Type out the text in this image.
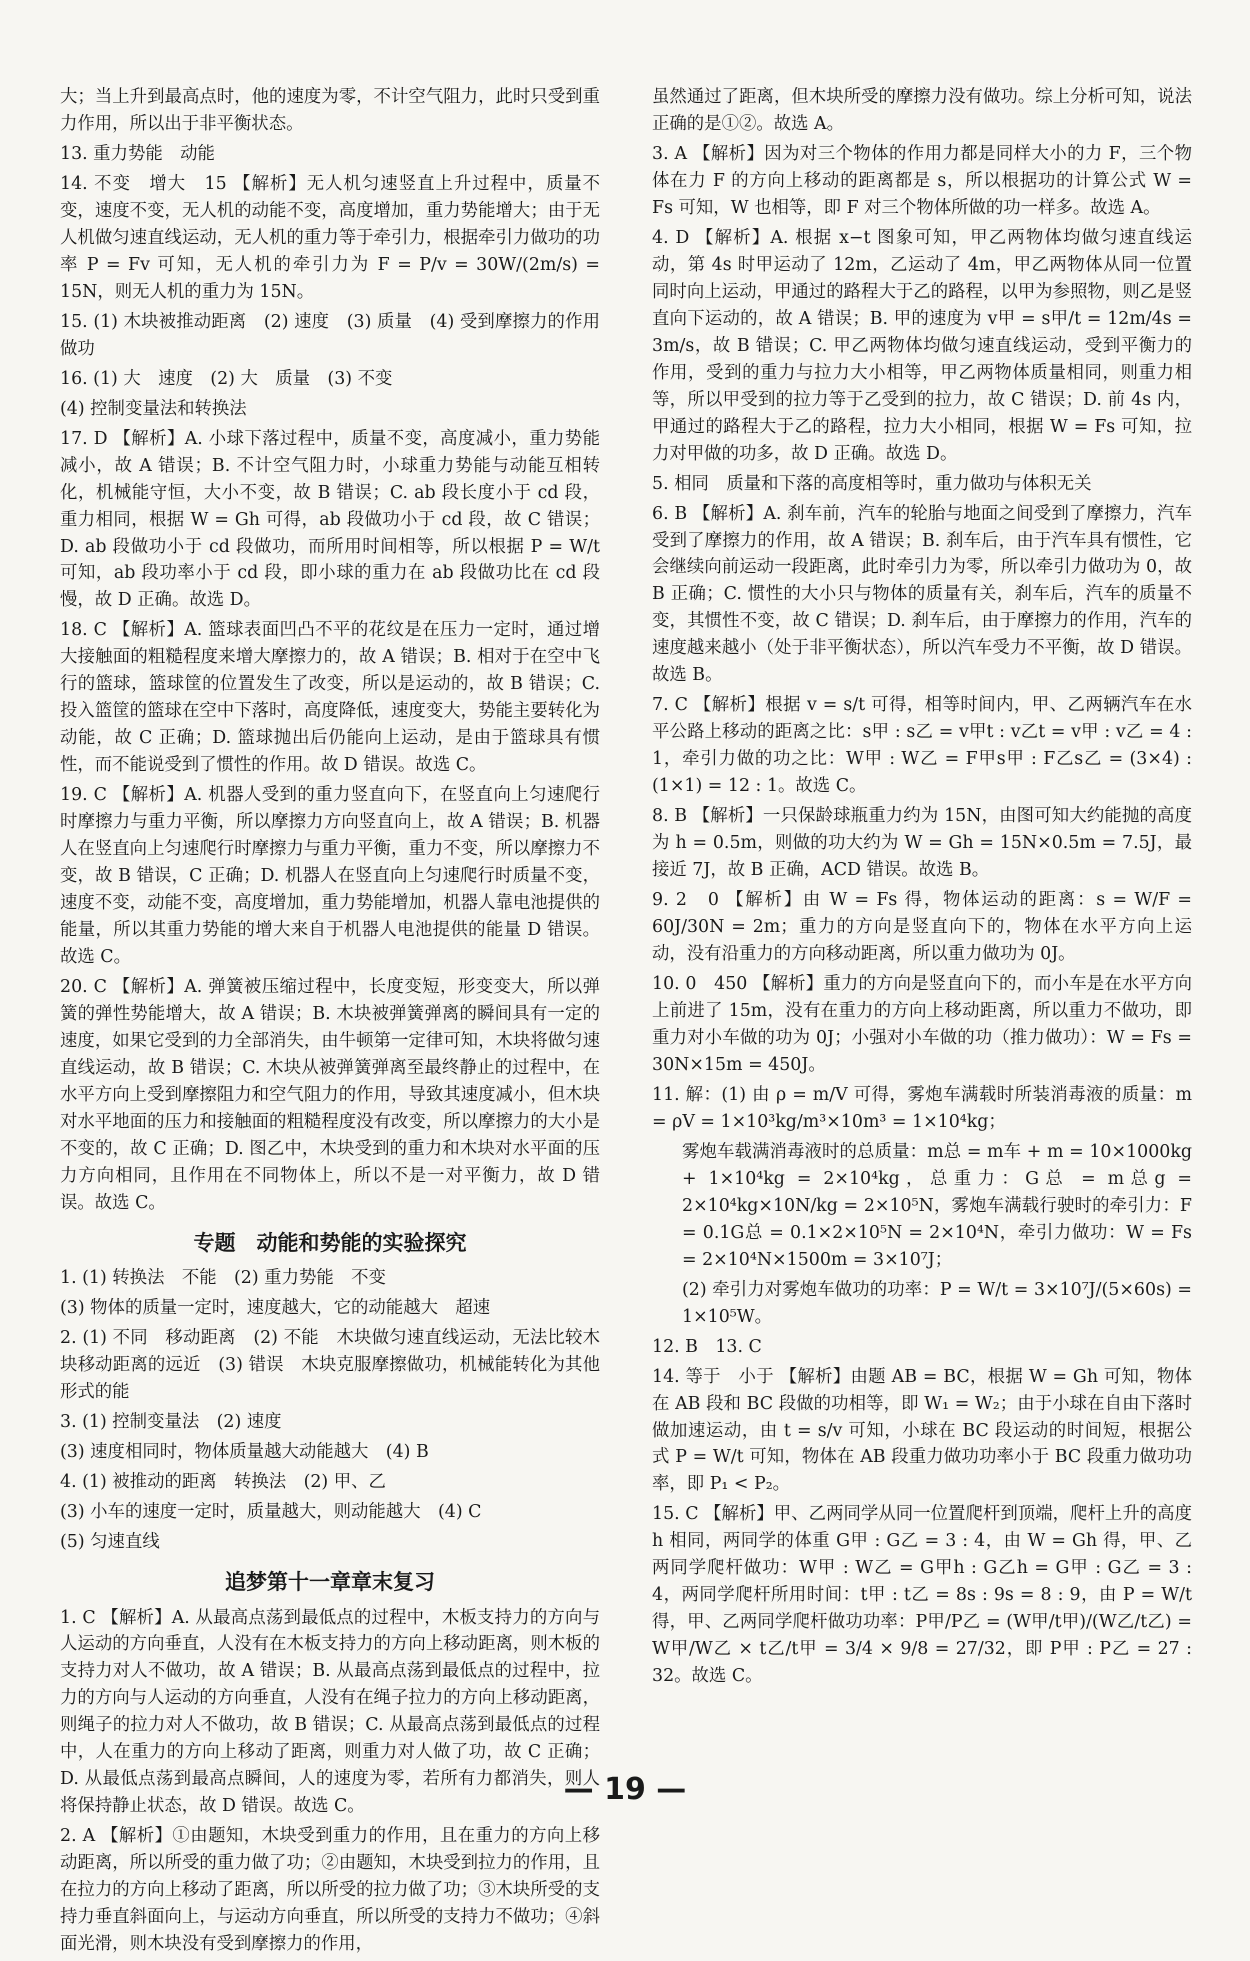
大；当上升到最高点时，他的速度为零，不计空气阻力，此时只受到重力作用，所以出于非平衡状态。

13. 重力势能　动能

14. 不变　增大　15 【解析】无人机匀速竖直上升过程中，质量不变，速度不变，无人机的动能不变，高度增加，重力势能增大；由于无人机做匀速直线运动，无人机的重力等于牵引力，根据牵引力做功的功率 P = Fv 可知，无人机的牵引力为 F = P/v = 30W/(2m/s) = 15N，则无人机的重力为 15N。

15. (1) 木块被推动距离　(2) 速度　(3) 质量　(4) 受到摩擦力的作用　做功

16. (1) 大　速度　(2) 大　质量　(3) 不变

(4) 控制变量法和转换法

17. D 【解析】A. 小球下落过程中，质量不变，高度减小，重力势能减小，故 A 错误；B. 不计空气阻力时，小球重力势能与动能互相转化，机械能守恒，大小不变，故 B 错误；C. ab 段长度小于 cd 段，重力相同，根据 W = Gh 可得，ab 段做功小于 cd 段，故 C 错误；D. ab 段做功小于 cd 段做功，而所用时间相等，所以根据 P = W/t 可知，ab 段功率小于 cd 段，即小球的重力在 ab 段做功比在 cd 段慢，故 D 正确。故选 D。

18. C 【解析】A. 篮球表面凹凸不平的花纹是在压力一定时，通过增大接触面的粗糙程度来增大摩擦力的，故 A 错误；B. 相对于在空中飞行的篮球，篮球筐的位置发生了改变，所以是运动的，故 B 错误；C. 投入篮筐的篮球在空中下落时，高度降低，速度变大，势能主要转化为动能，故 C 正确；D. 篮球抛出后仍能向上运动，是由于篮球具有惯性，而不能说受到了惯性的作用。故 D 错误。故选 C。

19. C 【解析】A. 机器人受到的重力竖直向下，在竖直向上匀速爬行时摩擦力与重力平衡，所以摩擦力方向竖直向上，故 A 错误；B. 机器人在竖直向上匀速爬行时摩擦力与重力平衡，重力不变，所以摩擦力不变，故 B 错误，C 正确；D. 机器人在竖直向上匀速爬行时质量不变，速度不变，动能不变，高度增加，重力势能增加，机器人靠电池提供的能量，所以其重力势能的增大来自于机器人电池提供的能量 D 错误。故选 C。

20. C 【解析】A. 弹簧被压缩过程中，长度变短，形变变大，所以弹簧的弹性势能增大，故 A 错误；B. 木块被弹簧弹离的瞬间具有一定的速度，如果它受到的力全部消失，由牛顿第一定律可知，木块将做匀速直线运动，故 B 错误；C. 木块从被弹簧弹离至最终静止的过程中，在水平方向上受到摩擦阻力和空气阻力的作用，导致其速度减小，但木块对水平地面的压力和接触面的粗糙程度没有改变，所以摩擦力的大小是不变的，故 C 正确；D. 图乙中，木块受到的重力和木块对水平面的压力方向相同，且作用在不同物体上，所以不是一对平衡力，故 D 错误。故选 C。

专题　动能和势能的实验探究

1. (1) 转换法　不能　(2) 重力势能　不变

(3) 物体的质量一定时，速度越大，它的动能越大　超速

2. (1) 不同　移动距离　(2) 不能　木块做匀速直线运动，无法比较木块移动距离的远近　(3) 错误　木块克服摩擦做功，机械能转化为其他形式的能

3. (1) 控制变量法　(2) 速度

(3) 速度相同时，物体质量越大动能越大　(4) B

4. (1) 被推动的距离　转换法　(2) 甲、乙

(3) 小车的速度一定时，质量越大，则动能越大　(4) C

(5) 匀速直线

追梦第十一章章末复习

1. C 【解析】A. 从最高点荡到最低点的过程中，木板支持力的方向与人运动的方向垂直，人没有在木板支持力的方向上移动距离，则木板的支持力对人不做功，故 A 错误；B. 从最高点荡到最低点的过程中，拉力的方向与人运动的方向垂直，人没有在绳子拉力的方向上移动距离，则绳子的拉力对人不做功，故 B 错误；C. 从最高点荡到最低点的过程中，人在重力的方向上移动了距离，则重力对人做了功，故 C 正确；D. 从最低点荡到最高点瞬间，人的速度为零，若所有力都消失，则人将保持静止状态，故 D 错误。故选 C。

2. A 【解析】①由题知，木块受到重力的作用，且在重力的方向上移动距离，所以所受的重力做了功；②由题知，木块受到拉力的作用，且在拉力的方向上移动了距离，所以所受的拉力做了功；③木块所受的支持力垂直斜面向上，与运动方向垂直，所以所受的支持力不做功；④斜面光滑，则木块没有受到摩擦力的作用，

虽然通过了距离，但木块所受的摩擦力没有做功。综上分析可知，说法正确的是①②。故选 A。

3. A 【解析】因为对三个物体的作用力都是同样大小的力 F，三个物体在力 F 的方向上移动的距离都是 s，所以根据功的计算公式 W = Fs 可知，W 也相等，即 F 对三个物体所做的功一样多。故选 A。

4. D 【解析】A. 根据 x−t 图象可知，甲乙两物体均做匀速直线运动，第 4s 时甲运动了 12m，乙运动了 4m，甲乙两物体从同一位置同时向上运动，甲通过的路程大于乙的路程，以甲为参照物，则乙是竖直向下运动的，故 A 错误；B. 甲的速度为 v甲 = s甲/t = 12m/4s = 3m/s，故 B 错误；C. 甲乙两物体均做匀速直线运动，受到平衡力的作用，受到的重力与拉力大小相等，甲乙两物体质量相同，则重力相等，所以甲受到的拉力等于乙受到的拉力，故 C 错误；D. 前 4s 内，甲通过的路程大于乙的路程，拉力大小相同，根据 W = Fs 可知，拉力对甲做的功多，故 D 正确。故选 D。

5. 相同　质量和下落的高度相等时，重力做功与体积无关

6. B 【解析】A. 刹车前，汽车的轮胎与地面之间受到了摩擦力，汽车受到了摩擦力的作用，故 A 错误；B. 刹车后，由于汽车具有惯性，它会继续向前运动一段距离，此时牵引力为零，所以牵引力做功为 0，故 B 正确；C. 惯性的大小只与物体的质量有关，刹车后，汽车的质量不变，其惯性不变，故 C 错误；D. 刹车后，由于摩擦力的作用，汽车的速度越来越小（处于非平衡状态），所以汽车受力不平衡，故 D 错误。故选 B。

7. C 【解析】根据 v = s/t 可得，相等时间内，甲、乙两辆汽车在水平公路上移动的距离之比：s甲 : s乙 = v甲t : v乙t = v甲 : v乙 = 4 : 1，牵引力做的功之比：W甲 : W乙 = F甲s甲 : F乙s乙 = (3×4) : (1×1) = 12 : 1。故选 C。

8. B 【解析】一只保龄球瓶重力约为 15N，由图可知大约能抛的高度为 h = 0.5m，则做的功大约为 W = Gh = 15N×0.5m = 7.5J，最接近 7J，故 B 正确，ACD 错误。故选 B。

9. 2　0 【解析】由 W = Fs 得，物体运动的距离：s = W/F = 60J/30N = 2m；重力的方向是竖直向下的，物体在水平方向上运动，没有沿重力的方向移动距离，所以重力做功为 0J。

10. 0　450 【解析】重力的方向是竖直向下的，而小车是在水平方向上前进了 15m，没有在重力的方向上移动距离，所以重力不做功，即重力对小车做的功为 0J；小强对小车做的功（推力做功）：W = Fs = 30N×15m = 450J。

11. 解：(1) 由 ρ = m/V 可得，雾炮车满载时所装消毒液的质量：m = ρV = 1×10³kg/m³×10m³ = 1×10⁴kg；

雾炮车载满消毒液时的总质量：m总 = m车 + m = 10×1000kg + 1×10⁴kg = 2×10⁴kg，总重力：G总 = m总g = 2×10⁴kg×10N/kg = 2×10⁵N，雾炮车满载行驶时的牵引力：F = 0.1G总 = 0.1×2×10⁵N = 2×10⁴N，牵引力做功：W = Fs = 2×10⁴N×1500m = 3×10⁷J；

(2) 牵引力对雾炮车做功的功率：P = W/t = 3×10⁷J/(5×60s) = 1×10⁵W。

12. B　13. C

14. 等于　小于 【解析】由题 AB = BC，根据 W = Gh 可知，物体在 AB 段和 BC 段做的功相等，即 W₁ = W₂；由于小球在自由下落时做加速运动，由 t = s/v 可知，小球在 BC 段运动的时间短，根据公式 P = W/t 可知，物体在 AB 段重力做功功率小于 BC 段重力做功功率，即 P₁ < P₂。

15. C 【解析】甲、乙两同学从同一位置爬杆到顶端，爬杆上升的高度 h 相同，两同学的体重 G甲 : G乙 = 3 : 4，由 W = Gh 得，甲、乙两同学爬杆做功：W甲 : W乙 = G甲h : G乙h = G甲 : G乙 = 3 : 4，两同学爬杆所用时间：t甲 : t乙 = 8s : 9s = 8 : 9，由 P = W/t 得，甲、乙两同学爬杆做功功率：P甲/P乙 = (W甲/t甲)/(W乙/t乙) = W甲/W乙 × t乙/t甲 = 3/4 × 9/8 = 27/32，即 P甲 : P乙 = 27 : 32。故选 C。

— 19 —
